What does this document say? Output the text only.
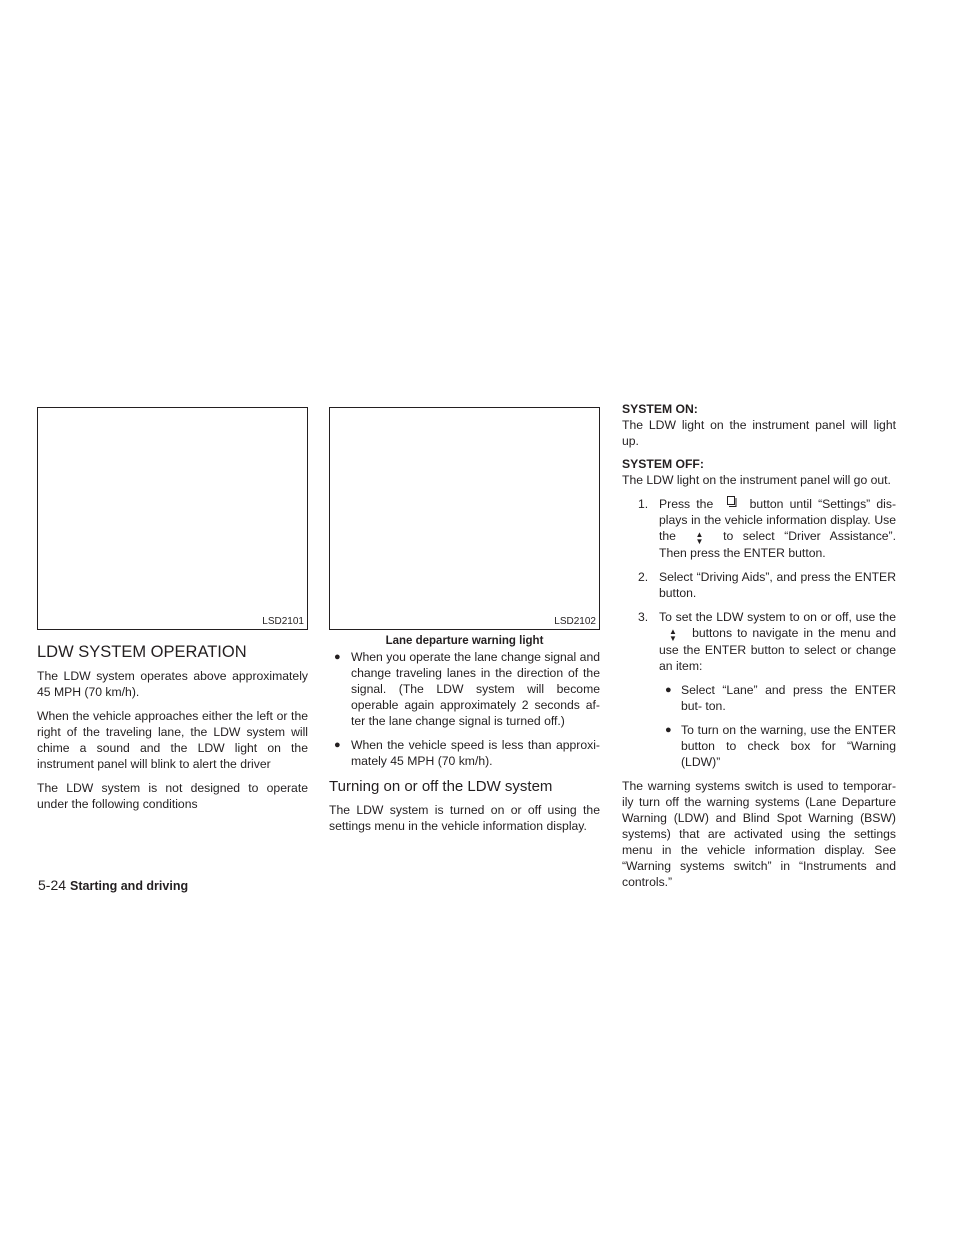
LSD2101
LDW SYSTEM OPERATION

The LDW system operates above approximately 45 MPH (70 km/h).

When the vehicle approaches either the left or the right of the traveling lane, the LDW system will chime a sound and the LDW light on the instrument panel will blink to alert the driver

The LDW system is not designed to operate under the following conditions

LSD2102
Lane departure warning light
● When you operate the lane change signal and change traveling lanes in the direction of the signal. (The LDW system will become operable again approximately 2 seconds af- ter the lane change signal is turned off.)
● When the vehicle speed is less than approxi- mately 45 MPH (70 km/h).
Turning on or off the LDW system

The LDW system is turned on or off using the settings menu in the vehicle information display.

SYSTEM ON:

The LDW light on the instrument panel will light up.

SYSTEM OFF:

The LDW light on the instrument panel will go out.

1. Press the	button until “Settings” dis- plays in the vehicle information display. Use the ▲
▼ to select “Driver Assistance”. Then press the ENTER button.
2. Select “Driving Aids”, and press the ENTER button.
3. To set the LDW system to on or off, use the ▲
▼ buttons to navigate in the menu and use the ENTER button to select or change an item:
● Select “Lane” and press the ENTER but- ton.
● To turn on the warning, use the ENTER button to check box for “Warning (LDW)”

The warning systems switch is used to temporar- ily turn off the warning systems (Lane Departure Warning (LDW) and Blind Spot Warning (BSW) systems) that are activated using the settings menu in the vehicle information display. See “Warning systems switch” in “Instruments and controls.”

5-24 Starting and driving
